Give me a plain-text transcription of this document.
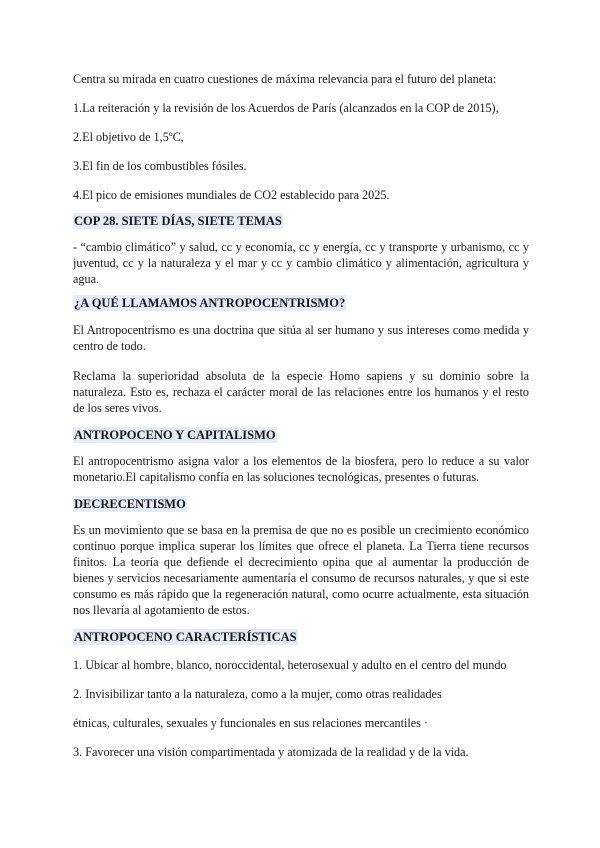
Centra su mirada en cuatro cuestiones de máxima relevancia para el futuro del planeta:

1.La reiteración y la revisión de los Acuerdos de París (alcanzados en la COP de 2015),

2.El objetivo de 1,5ºC,

3.El fin de los combustibles fósiles.

4.El pico de emisiones mundiales de CO2 establecido para 2025.

COP 28. SIETE DÍAS, SIETE TEMAS

- “cambio climático” y salud, cc y economía, cc y energía, cc y transporte y urbanismo, cc y juventud, cc y la naturaleza y el mar y cc y cambio climático y alimentación, agricultura y agua.

¿A QUÉ LLAMAMOS ANTROPOCENTRISMO?

El Antropocentrismo es una doctrina que sitúa al ser humano y sus intereses como medida y centro de todo.

Reclama la superioridad absoluta de la especie Homo sapiens y su dominio sobre la naturaleza. Esto es, rechaza el carácter moral de las relaciones entre los humanos y el resto de los seres vivos.

ANTROPOCENO Y CAPITALISMO

El antropocentrismo asigna valor a los elementos de la biosfera, pero lo reduce a su valor monetario.El capitalismo confía en las soluciones tecnológicas, presentes o futuras.

DECRECENTISMO

Es un movimiento que se basa en la premisa de que no es posible un crecimiento económico continuo porque implica superar los límites que ofrece el planeta. La Tierra tiene recursos finitos. La teoría que defiende el decrecimiento opina que al aumentar la producción de bienes y servicios necesariamente aumentaría el consumo de recursos naturales, y que si este consumo es más rápido que la regeneración natural, como ocurre actualmente, esta situación nos llevaría al agotamiento de estos.

ANTROPOCENO CARACTERÍSTICAS

1. Ubicar al hombre, blanco, noroccidental, heterosexual y adulto en el centro del mundo

2. Invisibilizar tanto a la naturaleza, como a la mujer, como otras realidades

étnicas, culturales, sexuales y funcionales en sus relaciones mercantiles ·

3. Favorecer una visión compartimentada y atomizada de la realidad y de la vida.
